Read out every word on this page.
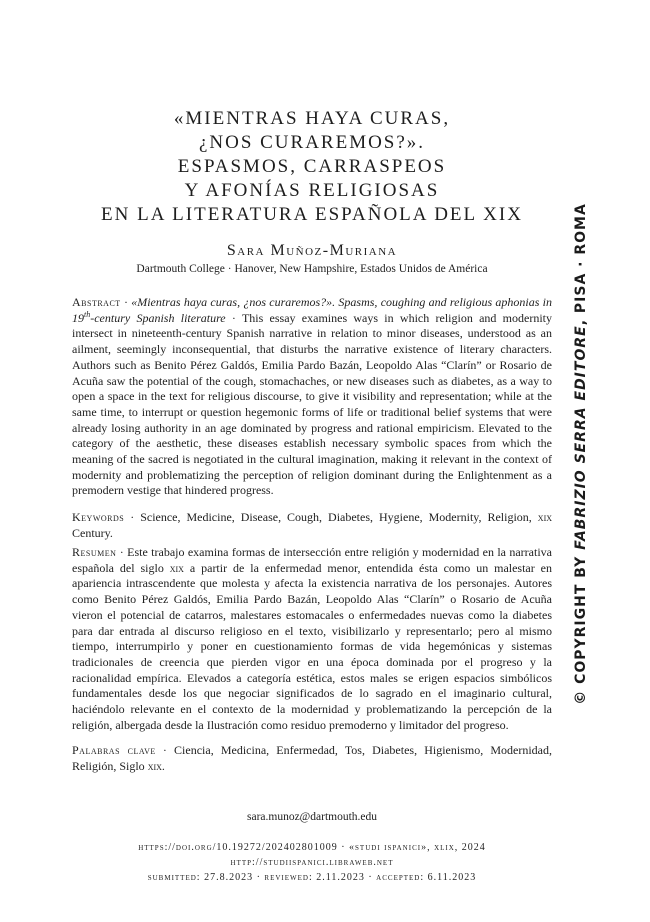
«MIENTRAS HAYA CURAS,
¿NOS CURAREMOS?».
ESPASMOS, CARRASPEOS
Y AFONÍAS RELIGIOSAS
EN LA LITERATURA ESPAÑOLA DEL XIX

Sara Muñoz-Muriana

Dartmouth College · Hanover, New Hampshire, Estados Unidos de América

Abstract · «Mientras haya curas, ¿nos curaremos?». Spasms, coughing and religious aphonias in 19th-century Spanish literature · This essay examines ways in which religion and modernity intersect in nineteenth-century Spanish narrative in relation to minor diseases, understood as an ailment, seemingly inconsequential, that disturbs the narrative existence of literary characters. Authors such as Benito Pérez Galdós, Emilia Pardo Bazán, Leopoldo Alas “Clarín” or Rosario de Acuña saw the potential of the cough, stomachaches, or new diseases such as diabetes, as a way to open a space in the text for religious discourse, to give it visibility and representation; while at the same time, to interrupt or question hegemonic forms of life or traditional belief systems that were already losing authority in an age dominated by progress and rational empiricism. Elevated to the category of the aesthetic, these diseases establish necessary symbolic spaces from which the meaning of the sacred is negotiated in the cultural imagination, making it relevant in the context of modernity and problematizing the perception of religion dominant during the Enlightenment as a premodern vestige that hindered progress.

Keywords · Science, Medicine, Disease, Cough, Diabetes, Hygiene, Modernity, Religion, xix Century.

Resumen · Este trabajo examina formas de intersección entre religión y modernidad en la narrativa española del siglo xix a partir de la enfermedad menor, entendida ésta como un malestar en apariencia intrascendente que molesta y afecta la existencia narrativa de los personajes. Autores como Benito Pérez Galdós, Emilia Pardo Bazán, Leopoldo Alas “Clarín” o Rosario de Acuña vieron el potencial de catarros, malestares estomacales o enfermedades nuevas como la diabetes para dar entrada al discurso religioso en el texto, visibilizarlo y representarlo; pero al mismo tiempo, interrumpirlo y poner en cuestionamiento formas de vida hegemónicas y sistemas tradicionales de creencia que pierden vigor en una época dominada por el progreso y la racionalidad empírica. Elevados a categoría estética, estos males se erigen espacios simbólicos fundamentales desde los que negociar significados de lo sagrado en el imaginario cultural, haciéndolo relevante en el contexto de la modernidad y problematizando la percepción de la religión, albergada desde la Ilustración como residuo premoderno y limitador del progreso.

Palabras clave · Ciencia, Medicina, Enfermedad, Tos, Diabetes, Higienismo, Modernidad, Religión, Siglo xix.

sara.munoz@dartmouth.edu

https://doi.org/10.19272/202402801009 · «studi ispanici», xlix, 2024

http://studiispanici.libraweb.net

submitted: 27.8.2023 · reviewed: 2.11.2023 · accepted: 6.11.2023

© COPYRIGHT BY FABRIZIO SERRA EDITORE, PISA · ROMA
